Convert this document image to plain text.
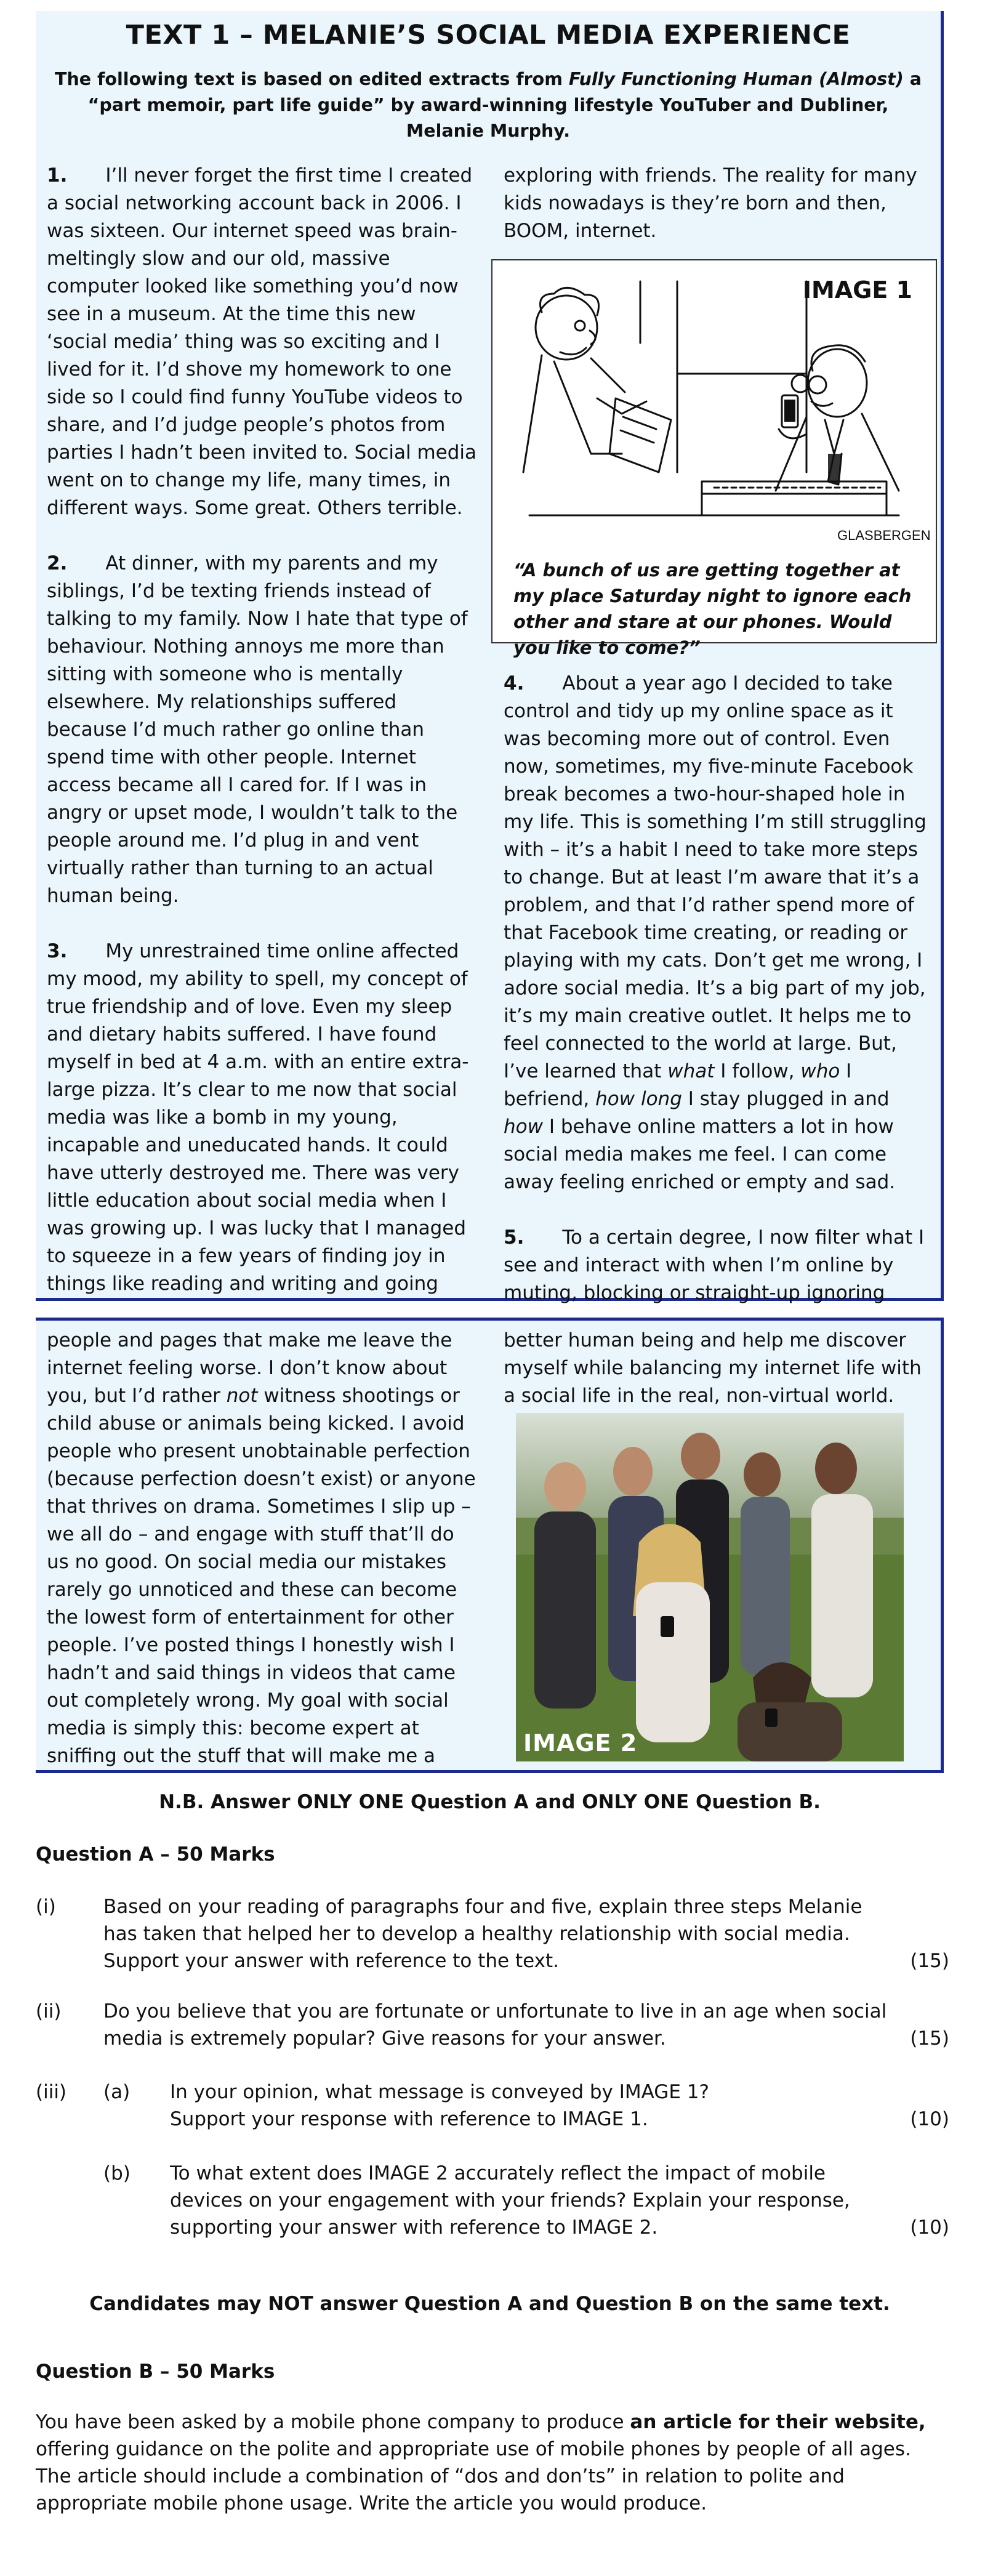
TEXT 1 – MELANIE’S SOCIAL MEDIA EXPERIENCE
The following text is based on edited extracts from Fully Functioning Human (Almost) a “part memoir, part life guide” by award-winning lifestyle YouTuber and Dubliner, Melanie Murphy.

1. I’ll never forget the first time I created a social networking account back in 2006. I was sixteen. Our internet speed was brain-meltingly slow and our old, massive computer looked like something you’d now see in a museum. At the time this new ‘social media’ thing was so exciting and I lived for it. I’d shove my homework to one side so I could find funny YouTube videos to share, and I’d judge people’s photos from parties I hadn’t been invited to. Social media went on to change my life, many times, in different ways. Some great. Others terrible.

2. At dinner, with my parents and my siblings, I’d be texting friends instead of talking to my family. Now I hate that type of behaviour. Nothing annoys me more than sitting with someone who is mentally elsewhere. My relationships suffered because I’d much rather go online than spend time with other people. Internet access became all I cared for. If I was in angry or upset mode, I wouldn’t talk to the people around me. I’d plug in and vent virtually rather than turning to an actual human being.

3. My unrestrained time online affected my mood, my ability to spell, my concept of true friendship and of love. Even my sleep and dietary habits suffered. I have found myself in bed at 4 a.m. with an entire extra-large pizza. It’s clear to me now that social media was like a bomb in my young, incapable and uneducated hands. It could have utterly destroyed me. There was very little education about social media when I was growing up. I was lucky that I managed to squeeze in a few years of finding joy in things like reading and writing and going

exploring with friends. The reality for many kids nowadays is they’re born and then, BOOM, internet.

IMAGE 1
GLASBERGEN
“A bunch of us are getting together at my place Saturday night to ignore each other and stare at our phones. Would you like to come?”

4. About a year ago I decided to take control and tidy up my online space as it was becoming more out of control. Even now, sometimes, my five-minute Facebook break becomes a two-hour-shaped hole in my life. This is something I’m still struggling with – it’s a habit I need to take more steps to change. But at least I’m aware that it’s a problem, and that I’d rather spend more of that Facebook time creating, or reading or playing with my cats. Don’t get me wrong, I adore social media. It’s a big part of my job, it’s my main creative outlet. It helps me to feel connected to the world at large. But, I’ve learned that what I follow, who I befriend, how long I stay plugged in and how I behave online matters a lot in how social media makes me feel. I can come away feeling enriched or empty and sad.

5. To a certain degree, I now filter what I see and interact with when I’m online by muting, blocking or straight-up ignoring

people and pages that make me leave the internet feeling worse. I don’t know about you, but I’d rather not witness shootings or child abuse or animals being kicked. I avoid people who present unobtainable perfection (because perfection doesn’t exist) or anyone that thrives on drama. Sometimes I slip up – we all do – and engage with stuff that’ll do us no good. On social media our mistakes rarely go unnoticed and these can become the lowest form of entertainment for other people. I’ve posted things I honestly wish I hadn’t and said things in videos that came out completely wrong. My goal with social media is simply this: become expert at sniffing out the stuff that will make me a

better human being and help me discover myself while balancing my internet life with a social life in the real, non-virtual world.

IMAGE 2
N.B. Answer ONLY ONE Question A and ONLY ONE Question B.
Question A – 50 Marks
(i) Based on your reading of paragraphs four and five, explain three steps Melanie has taken that helped her to develop a healthy relationship with social media. Support your answer with reference to the text.	(15)
(ii) Do you believe that you are fortunate or unfortunate to live in an age when social media is extremely popular? Give reasons for your answer.	(15)
(iii) (a) In your opinion, what message is conveyed by IMAGE 1?
Support your response with reference to IMAGE 1.	(10)
(b) To what extent does IMAGE 2 accurately reflect the impact of mobile devices on your engagement with your friends? Explain your response, supporting your answer with reference to IMAGE 2.	(10)
Candidates may NOT answer Question A and Question B on the same text.
Question B – 50 Marks
You have been asked by a mobile phone company to produce an article for their website, offering guidance on the polite and appropriate use of mobile phones by people of all ages. The article should include a combination of “dos and don’ts” in relation to polite and appropriate mobile phone usage. Write the article you would produce.
